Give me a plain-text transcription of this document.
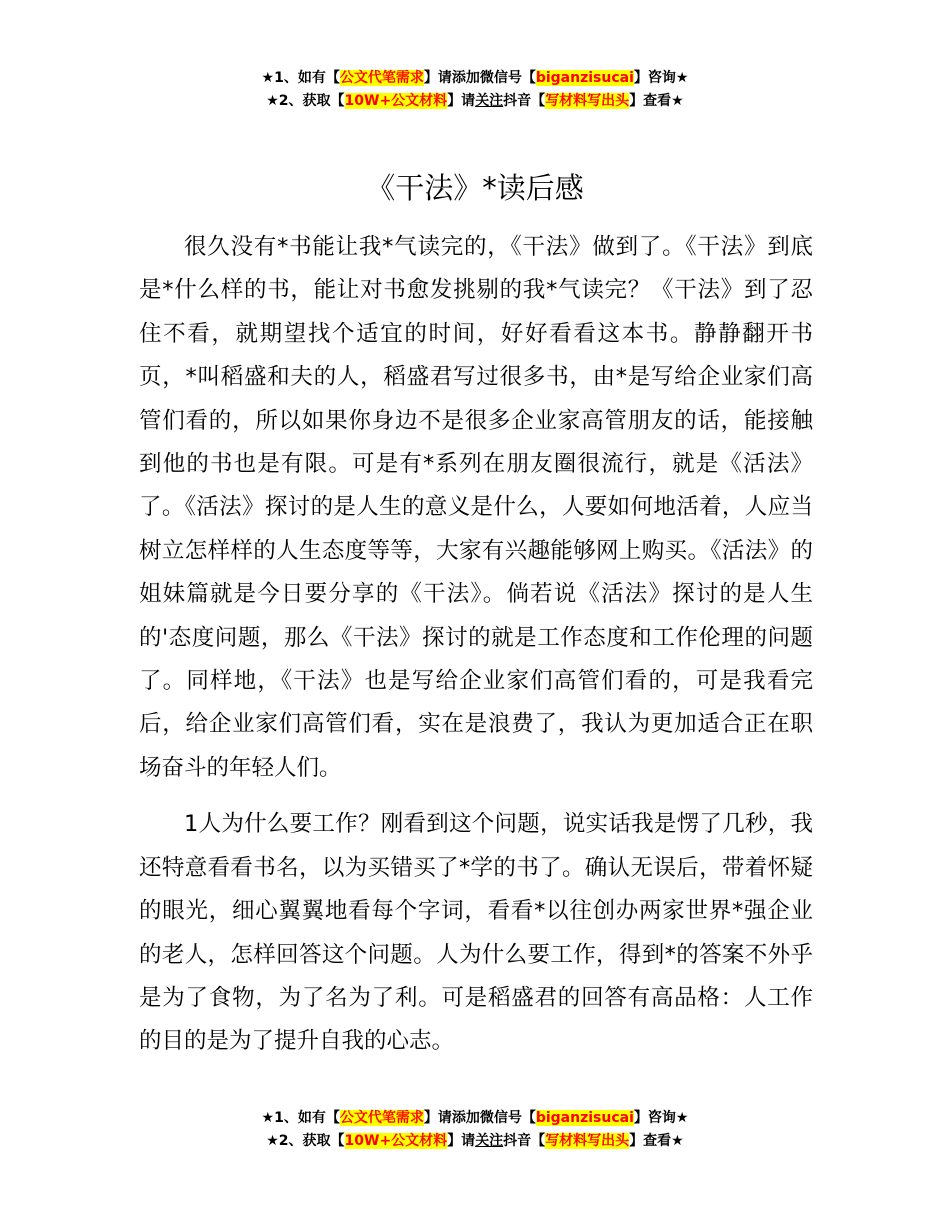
★1、如有【公文代笔需求】请添加微信号【biganzisucai】咨询★
★2、获取【10W+公文材料】请关注抖音【写材料写出头】查看★
《干法》*读后感

很久没有*书能让我*气读完的，《干法》做到了。《干法》到底是*什么样的书，能让对书愈发挑剔的我*气读完？《干法》到了忍住不看，就期望找个适宜的时间，好好看看这本书。静静翻开书页，*叫稻盛和夫的人，稻盛君写过很多书，由*是写给企业家们高管们看的，所以如果你身边不是很多企业家高管朋友的话，能接触到他的书也是有限。可是有*系列在朋友圈很流行，就是《活法》了。《活法》探讨的是人生的意义是什么，人要如何地活着，人应当树立怎样样的人生态度等等，大家有兴趣能够网上购买。《活法》的姐妹篇就是今日要分享的《干法》。倘若说《活法》探讨的是人生的'态度问题，那么《干法》探讨的就是工作态度和工作伦理的问题了。同样地，《干法》也是写给企业家们高管们看的，可是我看完后，给企业家们高管们看，实在是浪费了，我认为更加适合正在职场奋斗的年轻人们。

1人为什么要工作？刚看到这个问题，说实话我是愣了几秒，我还特意看看书名，以为买错买了*学的书了。确认无误后，带着怀疑的眼光，细心翼翼地看每个字词，看看*以往创办两家世界*强企业的老人，怎样回答这个问题。人为什么要工作，得到*的答案不外乎是为了食物，为了名为了利。可是稻盛君的回答有高品格：人工作的目的是为了提升自我的心志。

★1、如有【公文代笔需求】请添加微信号【biganzisucai】咨询★
★2、获取【10W+公文材料】请关注抖音【写材料写出头】查看★
